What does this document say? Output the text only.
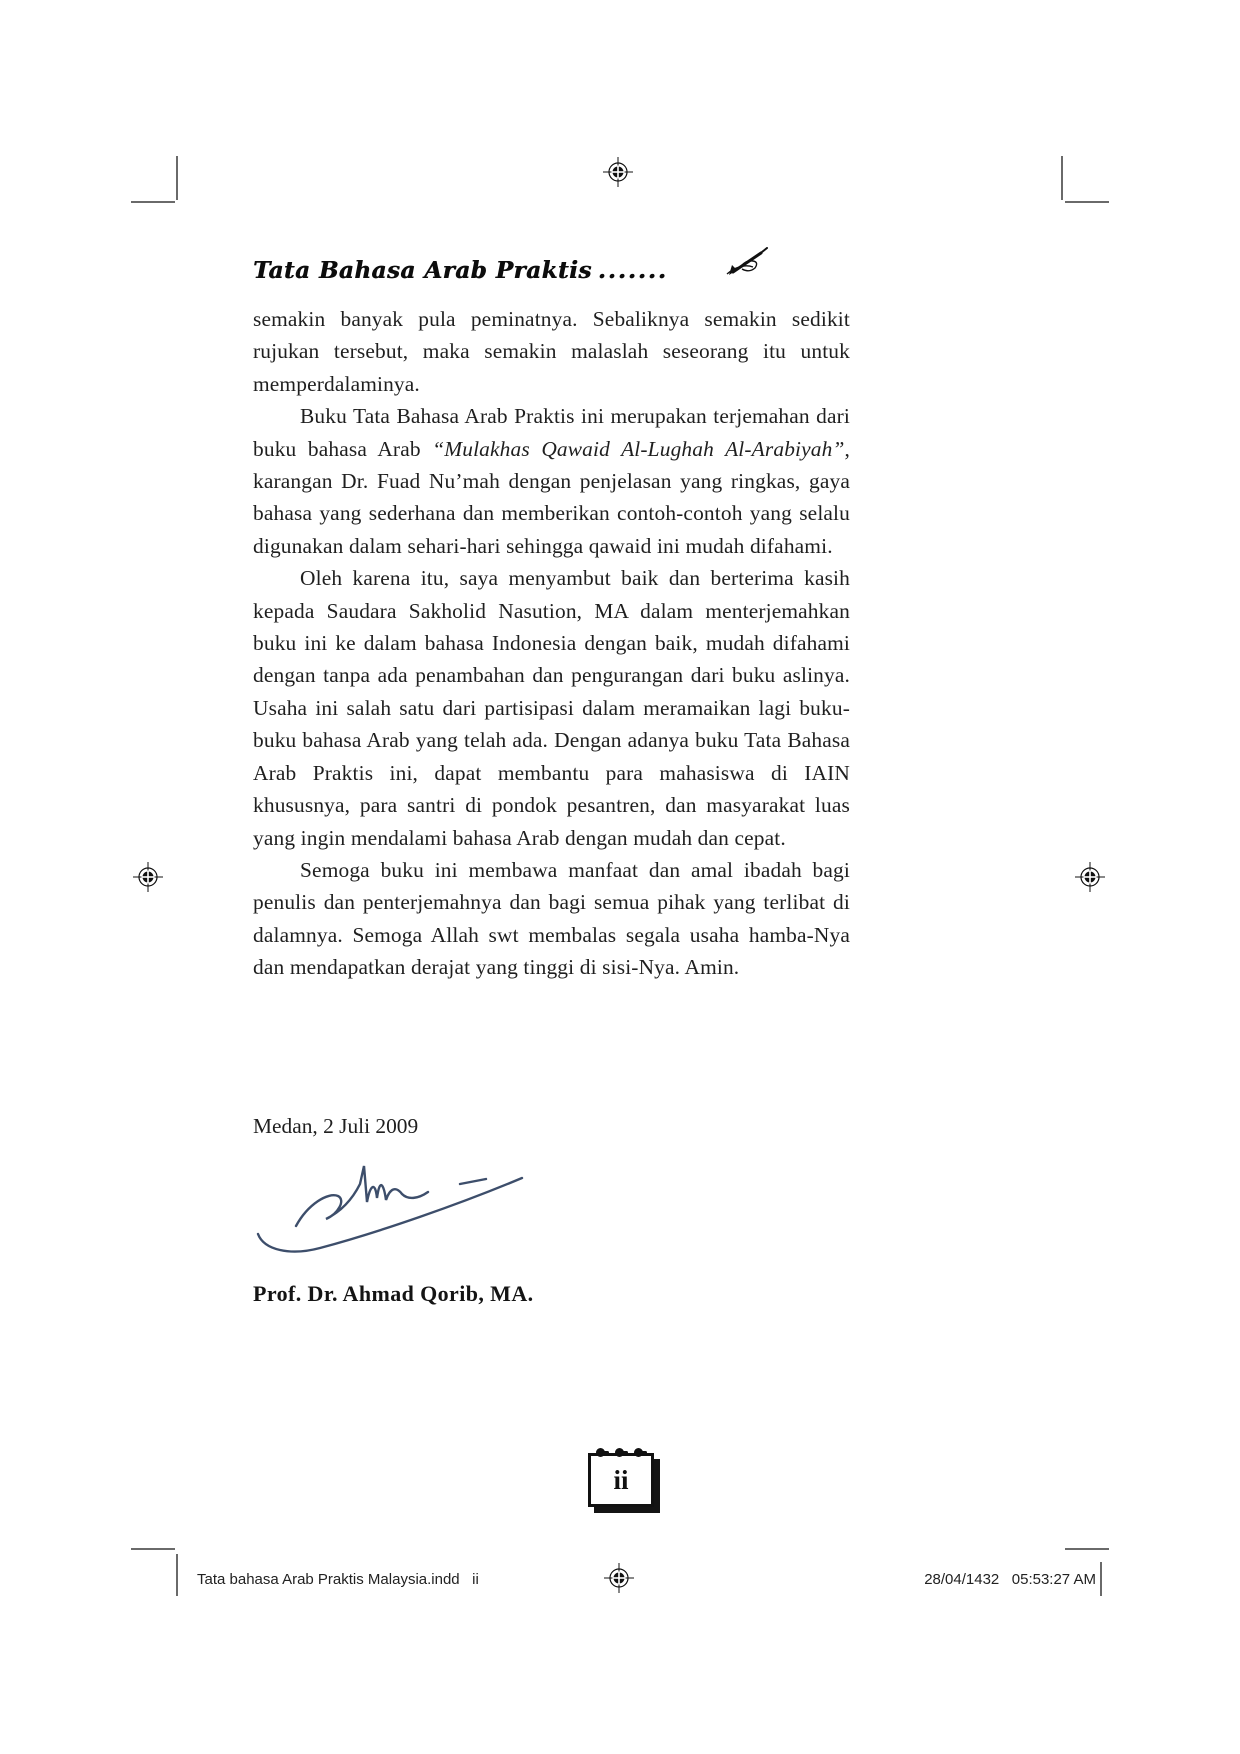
Tata Bahasa Arab Praktis .......

semakin banyak pula peminatnya. Sebaliknya semakin sedikit rujukan tersebut, maka semakin malaslah seseorang itu untuk memperdalaminya.

Buku Tata Bahasa Arab Praktis ini merupakan terjemahan dari buku bahasa Arab “Mulakhas Qawaid Al-Lughah Al-Arabiyah”, karangan Dr. Fuad Nu’mah dengan penjelasan yang ringkas, gaya bahasa yang sederhana dan memberikan contoh-contoh yang selalu digunakan dalam sehari-hari sehingga qawaid ini mudah difahami.

Oleh karena itu, saya menyambut baik dan berterima kasih kepada Saudara Sakholid Nasution, MA dalam menterjemahkan buku ini ke dalam bahasa Indonesia dengan baik, mudah difahami dengan tanpa ada penambahan dan pengurangan dari buku aslinya. Usaha ini salah satu dari partisipasi dalam meramaikan lagi buku-buku bahasa Arab yang telah ada. Dengan adanya buku Tata Bahasa Arab Praktis ini, dapat membantu para mahasiswa di IAIN khususnya, para santri di pondok pesantren, dan masyarakat luas yang ingin mendalami bahasa Arab dengan mudah dan cepat.

Semoga buku ini membawa manfaat dan amal ibadah bagi penulis dan penterjemahnya dan bagi semua pihak yang terlibat di dalamnya. Semoga Allah swt membalas segala usaha hamba-Nya dan mendapatkan derajat yang tinggi di sisi-Nya. Amin.

Medan, 2 Juli 2009
Prof. Dr. Ahmad Qorib, MA.
ii
Tata bahasa Arab Praktis Malaysia.indd   ii	28/04/1432   05:53:27 AM
